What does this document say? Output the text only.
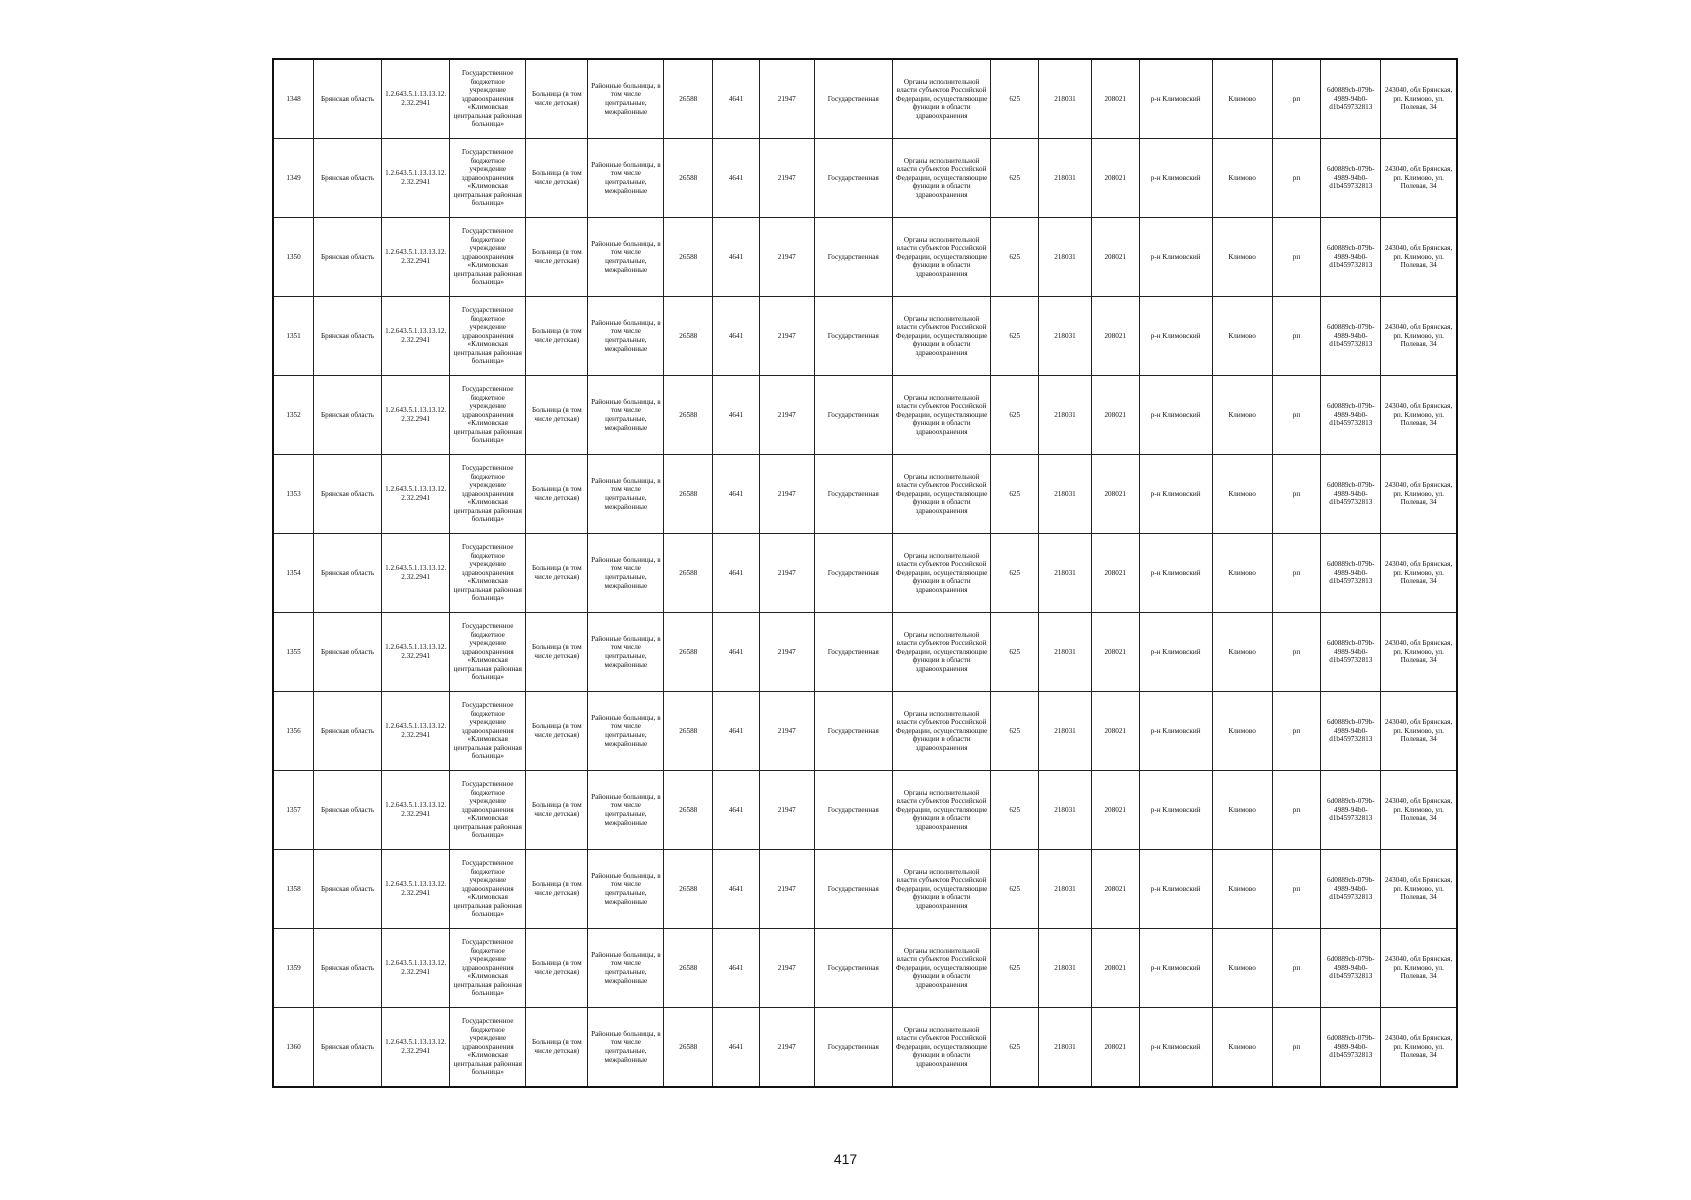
1348	Брянская область	1.2.643.5.1.13.13.12.2.32.2941	Государственное бюджетное учреждение здравоохранения «Климовская центральная районная больница»	Больница (в том числе детская)	Районные больницы, в том числе центральные, межрайонные	26588	4641	21947	Государственная	Органы исполнительной власти субъектов Российской Федерации, осуществляющие функции в области здравоохранения	625	218031	208021	р-н Климовский	Климово	рп	6d0889cb-079b-4989-94b0-d1b459732813	243040, обл Брянская, рп. Климово, ул. Полевая, 34
1349	Брянская область	1.2.643.5.1.13.13.12.2.32.2941	Государственное бюджетное учреждение здравоохранения «Климовская центральная районная больница»	Больница (в том числе детская)	Районные больницы, в том числе центральные, межрайонные	26588	4641	21947	Государственная	Органы исполнительной власти субъектов Российской Федерации, осуществляющие функции в области здравоохранения	625	218031	208021	р-н Климовский	Климово	рп	6d0889cb-079b-4989-94b0-d1b459732813	243040, обл Брянская, рп. Климово, ул. Полевая, 34
1350	Брянская область	1.2.643.5.1.13.13.12.2.32.2941	Государственное бюджетное учреждение здравоохранения «Климовская центральная районная больница»	Больница (в том числе детская)	Районные больницы, в том числе центральные, межрайонные	26588	4641	21947	Государственная	Органы исполнительной власти субъектов Российской Федерации, осуществляющие функции в области здравоохранения	625	218031	208021	р-н Климовский	Климово	рп	6d0889cb-079b-4989-94b0-d1b459732813	243040, обл Брянская, рп. Климово, ул. Полевая, 34
1351	Брянская область	1.2.643.5.1.13.13.12.2.32.2941	Государственное бюджетное учреждение здравоохранения «Климовская центральная районная больница»	Больница (в том числе детская)	Районные больницы, в том числе центральные, межрайонные	26588	4641	21947	Государственная	Органы исполнительной власти субъектов Российской Федерации, осуществляющие функции в области здравоохранения	625	218031	208021	р-н Климовский	Климово	рп	6d0889cb-079b-4989-94b0-d1b459732813	243040, обл Брянская, рп. Климово, ул. Полевая, 34
1352	Брянская область	1.2.643.5.1.13.13.12.2.32.2941	Государственное бюджетное учреждение здравоохранения «Климовская центральная районная больница»	Больница (в том числе детская)	Районные больницы, в том числе центральные, межрайонные	26588	4641	21947	Государственная	Органы исполнительной власти субъектов Российской Федерации, осуществляющие функции в области здравоохранения	625	218031	208021	р-н Климовский	Климово	рп	6d0889cb-079b-4989-94b0-d1b459732813	243040, обл Брянская, рп. Климово, ул. Полевая, 34
1353	Брянская область	1.2.643.5.1.13.13.12.2.32.2941	Государственное бюджетное учреждение здравоохранения «Климовская центральная районная больница»	Больница (в том числе детская)	Районные больницы, в том числе центральные, межрайонные	26588	4641	21947	Государственная	Органы исполнительной власти субъектов Российской Федерации, осуществляющие функции в области здравоохранения	625	218031	208021	р-н Климовский	Климово	рп	6d0889cb-079b-4989-94b0-d1b459732813	243040, обл Брянская, рп. Климово, ул. Полевая, 34
1354	Брянская область	1.2.643.5.1.13.13.12.2.32.2941	Государственное бюджетное учреждение здравоохранения «Климовская центральная районная больница»	Больница (в том числе детская)	Районные больницы, в том числе центральные, межрайонные	26588	4641	21947	Государственная	Органы исполнительной власти субъектов Российской Федерации, осуществляющие функции в области здравоохранения	625	218031	208021	р-н Климовский	Климово	рп	6d0889cb-079b-4989-94b0-d1b459732813	243040, обл Брянская, рп. Климово, ул. Полевая, 34
1355	Брянская область	1.2.643.5.1.13.13.12.2.32.2941	Государственное бюджетное учреждение здравоохранения «Климовская центральная районная больница»	Больница (в том числе детская)	Районные больницы, в том числе центральные, межрайонные	26588	4641	21947	Государственная	Органы исполнительной власти субъектов Российской Федерации, осуществляющие функции в области здравоохранения	625	218031	208021	р-н Климовский	Климово	рп	6d0889cb-079b-4989-94b0-d1b459732813	243040, обл Брянская, рп. Климово, ул. Полевая, 34
1356	Брянская область	1.2.643.5.1.13.13.12.2.32.2941	Государственное бюджетное учреждение здравоохранения «Климовская центральная районная больница»	Больница (в том числе детская)	Районные больницы, в том числе центральные, межрайонные	26588	4641	21947	Государственная	Органы исполнительной власти субъектов Российской Федерации, осуществляющие функции в области здравоохранения	625	218031	208021	р-н Климовский	Климово	рп	6d0889cb-079b-4989-94b0-d1b459732813	243040, обл Брянская, рп. Климово, ул. Полевая, 34
1357	Брянская область	1.2.643.5.1.13.13.12.2.32.2941	Государственное бюджетное учреждение здравоохранения «Климовская центральная районная больница»	Больница (в том числе детская)	Районные больницы, в том числе центральные, межрайонные	26588	4641	21947	Государственная	Органы исполнительной власти субъектов Российской Федерации, осуществляющие функции в области здравоохранения	625	218031	208021	р-н Климовский	Климово	рп	6d0889cb-079b-4989-94b0-d1b459732813	243040, обл Брянская, рп. Климово, ул. Полевая, 34
1358	Брянская область	1.2.643.5.1.13.13.12.2.32.2941	Государственное бюджетное учреждение здравоохранения «Климовская центральная районная больница»	Больница (в том числе детская)	Районные больницы, в том числе центральные, межрайонные	26588	4641	21947	Государственная	Органы исполнительной власти субъектов Российской Федерации, осуществляющие функции в области здравоохранения	625	218031	208021	р-н Климовский	Климово	рп	6d0889cb-079b-4989-94b0-d1b459732813	243040, обл Брянская, рп. Климово, ул. Полевая, 34
1359	Брянская область	1.2.643.5.1.13.13.12.2.32.2941	Государственное бюджетное учреждение здравоохранения «Климовская центральная районная больница»	Больница (в том числе детская)	Районные больницы, в том числе центральные, межрайонные	26588	4641	21947	Государственная	Органы исполнительной власти субъектов Российской Федерации, осуществляющие функции в области здравоохранения	625	218031	208021	р-н Климовский	Климово	рп	6d0889cb-079b-4989-94b0-d1b459732813	243040, обл Брянская, рп. Климово, ул. Полевая, 34
1360	Брянская область	1.2.643.5.1.13.13.12.2.32.2941	Государственное бюджетное учреждение здравоохранения «Климовская центральная районная больница»	Больница (в том числе детская)	Районные больницы, в том числе центральные, межрайонные	26588	4641	21947	Государственная	Органы исполнительной власти субъектов Российской Федерации, осуществляющие функции в области здравоохранения	625	218031	208021	р-н Климовский	Климово	рп	6d0889cb-079b-4989-94b0-d1b459732813	243040, обл Брянская, рп. Климово, ул. Полевая, 34
417
